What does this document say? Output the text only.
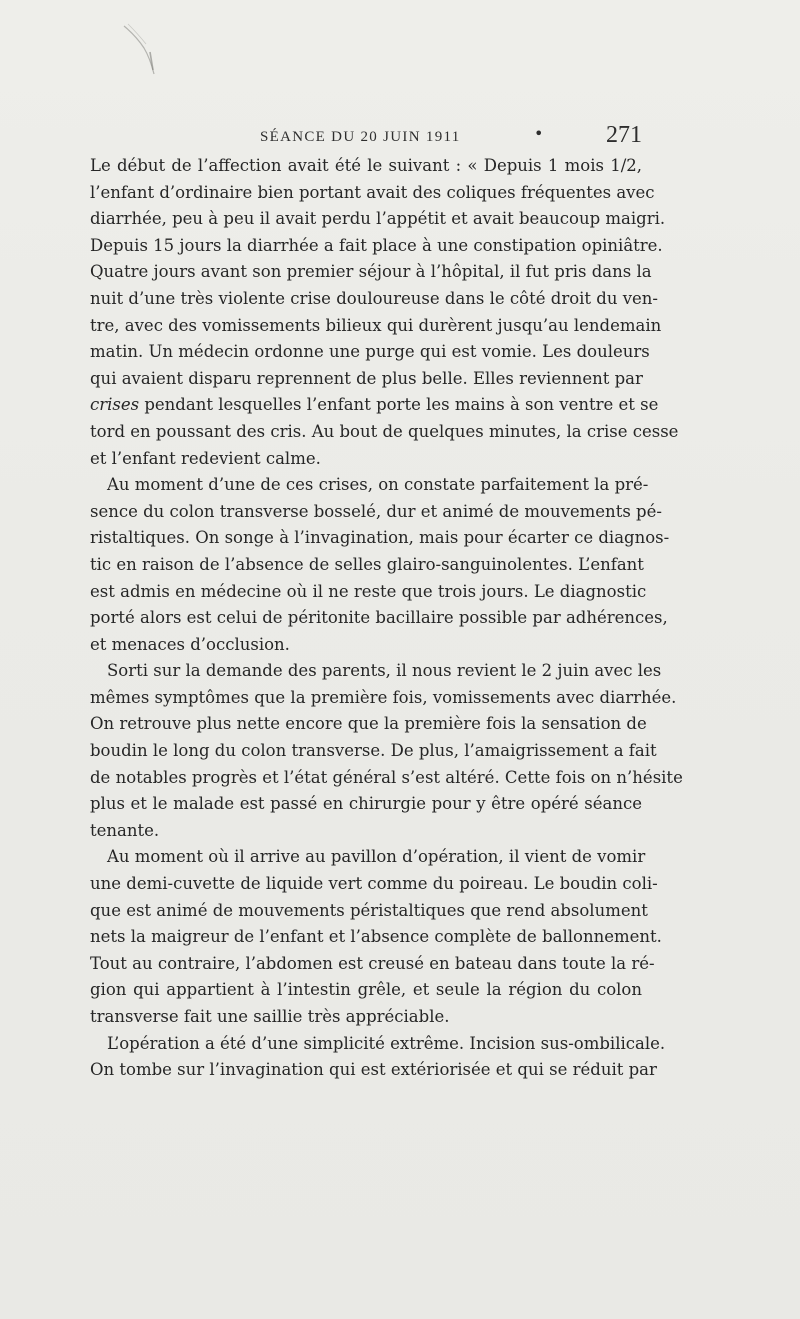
SÉANCE DU 20 JUIN 1911	•	271
Le début de l’affection avait été le suivant : « Depuis 1 mois 1/2,
l’enfant d’ordinaire bien portant avait des coliques fréquentes avec
diarrhée, peu à peu il avait perdu l’appétit et avait beaucoup maigri.
Depuis 15 jours la diarrhée a fait place à une constipation opiniâtre.
Quatre jours avant son premier séjour à l’hôpital, il fut pris dans la
nuit d’une très violente crise douloureuse dans le côté droit du ven-
tre, avec des vomissements bilieux qui durèrent jusqu’au lendemain
matin. Un médecin ordonne une purge qui est vomie. Les douleurs
qui avaient disparu reprennent de plus belle. Elles reviennent par
crises pendant lesquelles l’enfant porte les mains à son ventre et se
tord en poussant des cris. Au bout de quelques minutes, la crise cesse
et l’enfant redevient calme.
Au moment d’une de ces crises, on constate parfaitement la pré-
sence du colon transverse bosselé, dur et animé de mouvements pé-
ristaltiques. On songe à l’invagination, mais pour écarter ce diagnos-
tic en raison de l’absence de selles glairo-sanguinolentes. L’enfant
est admis en médecine où il ne reste que trois jours. Le diagnostic
porté alors est celui de péritonite bacillaire possible par adhérences,
et menaces d’occlusion.
Sorti sur la demande des parents, il nous revient le 2 juin avec les
mêmes symptômes que la première fois, vomissements avec diarrhée.
On retrouve plus nette encore que la première fois la sensation de
boudin le long du colon transverse. De plus, l’amaigrissement a fait
de notables progrès et l’état général s’est altéré. Cette fois on n’hésite
plus et le malade est passé en chirurgie pour y être opéré séance
tenante.
Au moment où il arrive au pavillon d’opération, il vient de vomir
une demi-cuvette de liquide vert comme du poireau. Le boudin coli-
que est animé de mouvements péristaltiques que rend absolument
nets la maigreur de l’enfant et l’absence complète de ballonnement.
Tout au contraire, l’abdomen est creusé en bateau dans toute la ré-
gion qui appartient à l’intestin grêle, et seule la région du colon
transverse fait une saillie très appréciable.
L’opération a été d’une simplicité extrême. Incision sus-ombilicale.
On tombe sur l’invagination qui est extériorisée et qui se réduit par
